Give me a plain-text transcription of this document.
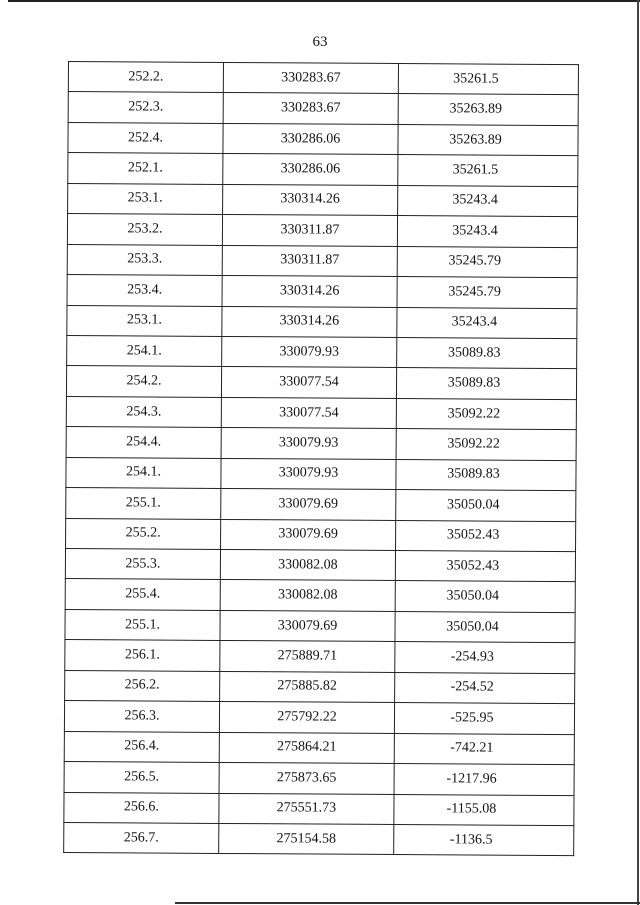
63
252.2.	330283.67	35261.5
252.3.	330283.67	35263.89
252.4.	330286.06	35263.89
252.1.	330286.06	35261.5
253.1.	330314.26	35243.4
253.2.	330311.87	35243.4
253.3.	330311.87	35245.79
253.4.	330314.26	35245.79
253.1.	330314.26	35243.4
254.1.	330079.93	35089.83
254.2.	330077.54	35089.83
254.3.	330077.54	35092.22
254.4.	330079.93	35092.22
254.1.	330079.93	35089.83
255.1.	330079.69	35050.04
255.2.	330079.69	35052.43
255.3.	330082.08	35052.43
255.4.	330082.08	35050.04
255.1.	330079.69	35050.04
256.1.	275889.71	-254.93
256.2.	275885.82	-254.52
256.3.	275792.22	-525.95
256.4.	275864.21	-742.21
256.5.	275873.65	-1217.96
256.6.	275551.73	-1155.08
256.7.	275154.58	-1136.5
